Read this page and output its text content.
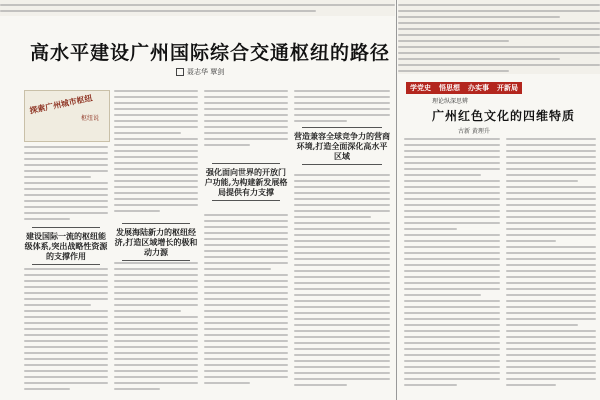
高水平建设广州国际综合交通枢纽的路径
聂志华 覃剑
探索广州城市枢纽
枢纽说
建设国际一流的枢纽能级体系,突出战略性资源的支撑作用
发展海陆新力的枢纽经济,打造区域增长的极和动力源
强化面向世界的开放门户功能,为构建新发展格局提供有力支撑
营造兼容全球竞争力的营商环境,打造全面深化高水平区域
学党史 悟思想 办实事 开新局
理论纵深思辨
广州红色文化的四维特质
古新 黄理升
